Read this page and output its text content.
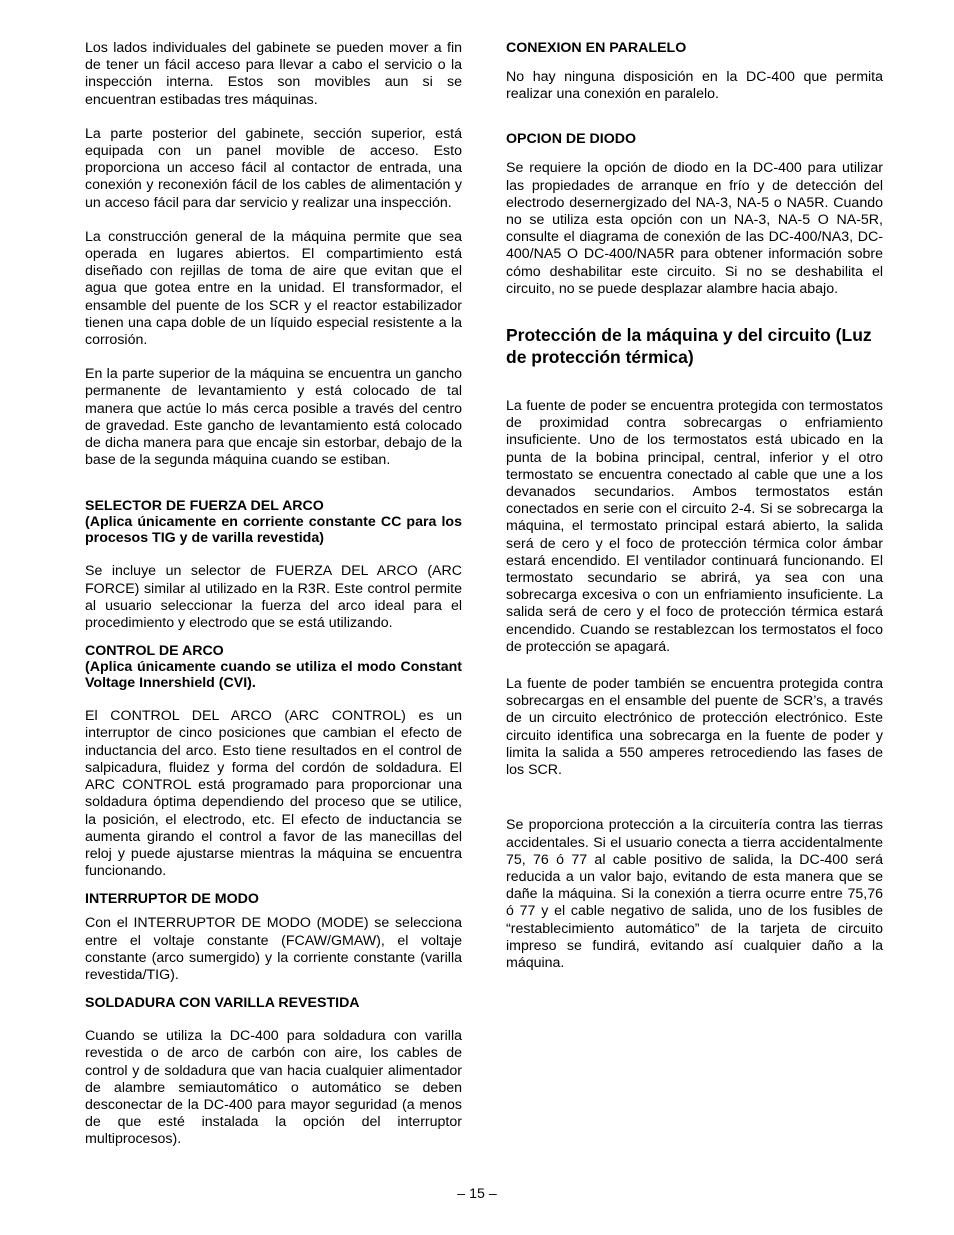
Los lados individuales del gabinete se pueden mover a fin de tener un fácil acceso para llevar a cabo el servicio o la inspección interna. Estos son movibles aun si se encuentran estibadas tres máquinas.

La parte posterior del gabinete, sección superior, está equipada con un panel movible de acceso. Esto proporciona un acceso fácil al contactor de entrada, una conexión y reconexión fácil de los cables de alimentación y un acceso fácil para dar servicio y realizar una inspección.

La construcción general de la máquina permite que sea operada en lugares abiertos. El compartimiento está diseñado con rejillas de toma de aire que evitan que el agua que gotea entre en la unidad. El transformador, el ensamble del puente de los SCR y el reactor estabilizador tienen una capa doble de un líquido especial resistente a la corrosión.

En la parte superior de la máquina se encuentra un gancho permanente de levantamiento y está colocado de tal manera que actúe lo más cerca posible a través del centro de gravedad. Este gancho de levantamiento está colocado de dicha manera para que encaje sin estorbar, debajo de la base de la segunda máquina cuando se estiban.

SELECTOR DE FUERZA DEL ARCO
(Aplica únicamente en corriente constante CC para los procesos TIG y de varilla revestida)

Se incluye un selector de FUERZA DEL ARCO (ARC FORCE) similar al utilizado en la R3R. Este control permite al usuario seleccionar la fuerza del arco ideal para el procedimiento y electrodo que se está utilizando.

CONTROL DE ARCO
(Aplica únicamente cuando se utiliza el modo Constant Voltage Innershield (CVI).

El CONTROL DEL ARCO (ARC CONTROL) es un interruptor de cinco posiciones que cambian el efecto de inductancia del arco. Esto tiene resultados en el control de salpicadura, fluidez y forma del cordón de soldadura. El ARC CONTROL está programado para proporcionar una soldadura óptima dependiendo del proceso que se utilice, la posición, el electrodo, etc. El efecto de inductancia se aumenta girando el control a favor de las manecillas del reloj y puede ajustarse mientras la máquina se encuentra funcionando.

INTERRUPTOR DE MODO

Con el INTERRUPTOR DE MODO (MODE) se selecciona entre el voltaje constante (FCAW/GMAW), el voltaje constante (arco sumergido) y la corriente constante (varilla revestida/TIG).

SOLDADURA CON VARILLA REVESTIDA

Cuando se utiliza la DC-400 para soldadura con varilla revestida o de arco de carbón con aire, los cables de control y de soldadura que van hacia cualquier alimentador de alambre semiautomático o automático se deben desconectar de la DC-400 para mayor seguridad (a menos de que esté instalada la opción del interruptor multiprocesos).

CONEXION EN PARALELO

No hay ninguna disposición en la DC-400 que permita realizar una conexión en paralelo.

OPCION DE DIODO

Se requiere la opción de diodo en la DC-400 para utilizar las propiedades de arranque en frío y de detección del electrodo desernergizado del NA-3, NA-5 o NA5R. Cuando no se utiliza esta opción con un NA-3, NA-5 O NA-5R, consulte el diagrama de conexión de las DC-400/NA3, DC-400/NA5 O DC-400/NA5R para obtener información sobre cómo deshabilitar este circuito. Si no se deshabilita el circuito, no se puede desplazar alambre hacia abajo.

Protección de la máquina y del circuito (Luz de protección térmica)

La fuente de poder se encuentra protegida con termostatos de proximidad contra sobrecargas o enfriamiento insuficiente. Uno de los termostatos está ubicado en la punta de la bobina principal, central, inferior y el otro termostato se encuentra conectado al cable que une a los devanados secundarios. Ambos termostatos están conectados en serie con el circuito 2-4. Si se sobrecarga la máquina, el termostato principal estará abierto, la salida será de cero y el foco de protección térmica color ámbar estará encendido. El ventilador continuará funcionando. El termostato secundario se abrirá, ya sea con una sobrecarga excesiva o con un enfriamiento insuficiente. La salida será de cero y el foco de protección térmica estará encendido. Cuando se restablezcan los termostatos el foco de protección se apagará.

La fuente de poder también se encuentra protegida contra sobrecargas en el ensamble del puente de SCR’s, a través de un circuito electrónico de protección electrónico. Este circuito identifica una sobrecarga en la fuente de poder y limita la salida a 550 amperes retrocediendo las fases de los SCR.

Se proporciona protección a la circuitería contra las tierras accidentales. Si el usuario conecta a tierra accidentalmente 75, 76 ó 77 al cable positivo de salida, la DC-400 será reducida a un valor bajo, evitando de esta manera que se dañe la máquina. Si la conexión a tierra ocurre entre 75,76 ó 77 y el cable negativo de salida, uno de los fusibles de “restablecimiento automático” de la tarjeta de circuito impreso se fundirá, evitando así cualquier daño a la máquina.

– 15 –
